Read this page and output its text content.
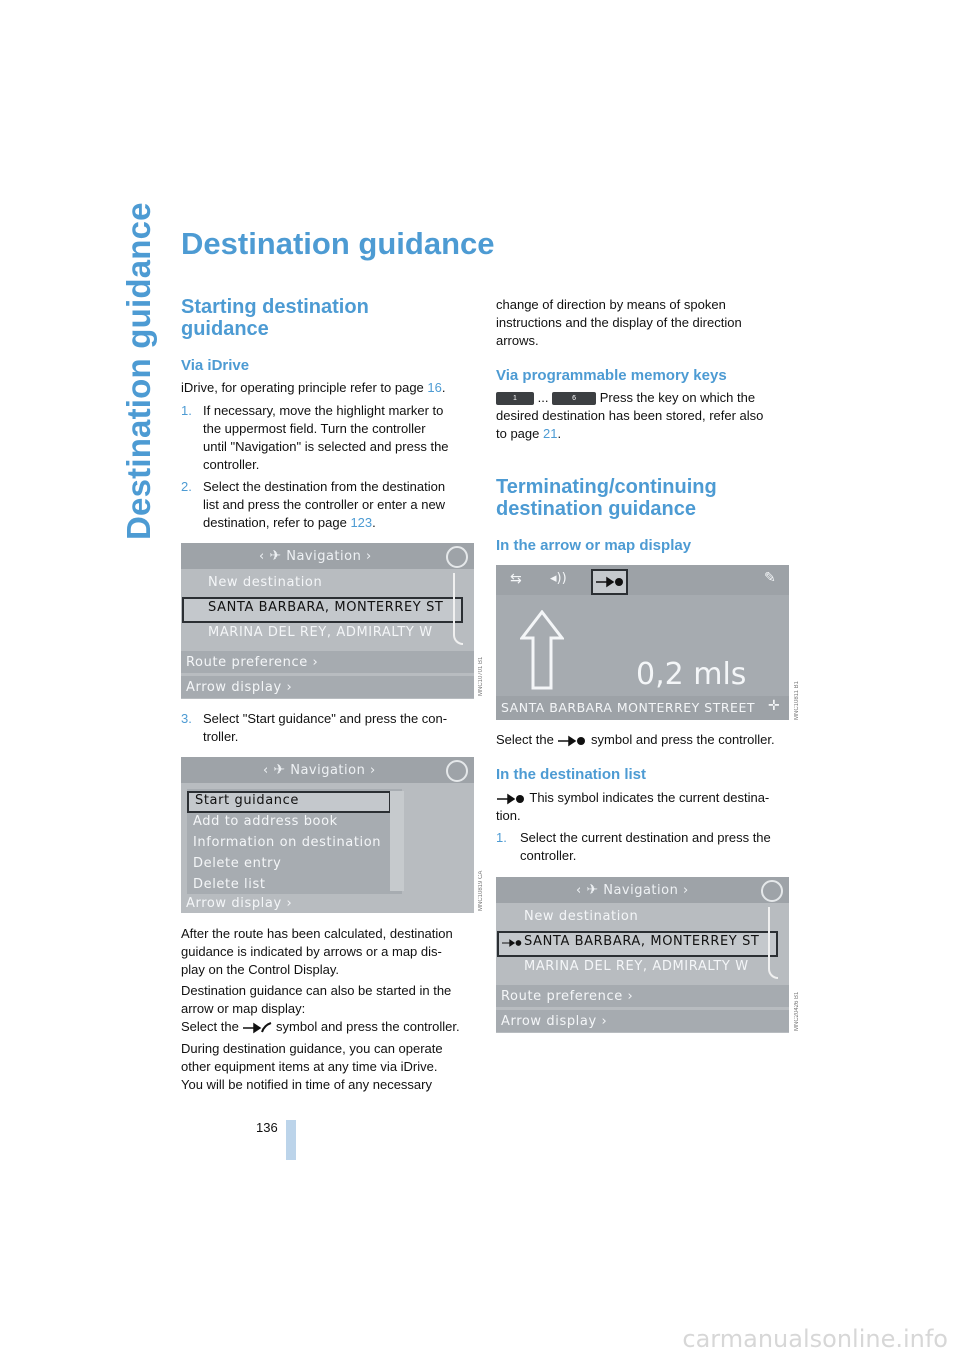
Destination guidance Destination guidance
Starting destination
guidance
Via iDrive
iDrive, for operating principle refer to page 16.
1. If necessary, move the highlight marker to
the uppermost field. Turn the controller
until "Navigation" is selected and press the
controller.
2. Select the destination from the destination
list and press the controller or enter a new
destination, refer to page 123.
‹ ✈ Navigation ›
New destination
SANTA BARBARA, MONTERREY ST
MARINA DEL REY, ADMIRALTY W
Route preference ›
Arrow display ›	MNC10701 B1
3. Select "Start guidance" and press the con-
troller.
‹ ✈ Navigation ›
Start guidance
Add to address book
Information on destination
Delete entry
Delete list
Arrow display ›	MNC10819 CA
After the route has been calculated, destination
guidance is indicated by arrows or a map dis-
play on the Control Display.
Destination guidance can also be started in the
arrow or map display:
Select the  symbol and press the controller.
During destination guidance, you can operate
other equipment items at any time via iDrive.
You will be notified in time of any necessary
change of direction by means of spoken
instructions and the display of the direction
arrows.
Via programmable memory keys
1 ...	6 Press the key on which the
desired destination has been stored, refer also
to page 21.
Terminating/continuing
destination guidance
In the arrow or map display
⇆ ◂))	✎
0,2 mls
SANTA BARBARA MONTERREY STREET ✛ MNC10811 B1
Select the  symbol and press the controller.
In the destination list
This symbol indicates the current destina-
tion.
1. Select the current destination and press the
controller.
‹ ✈ Navigation ›
New destination
SANTA BARBARA, MONTERREY ST
MARINA DEL REY, ADMIRALTY W
Route preference ›
Arrow display ›	MNC20426 B1
136
carmanualsonline.info
